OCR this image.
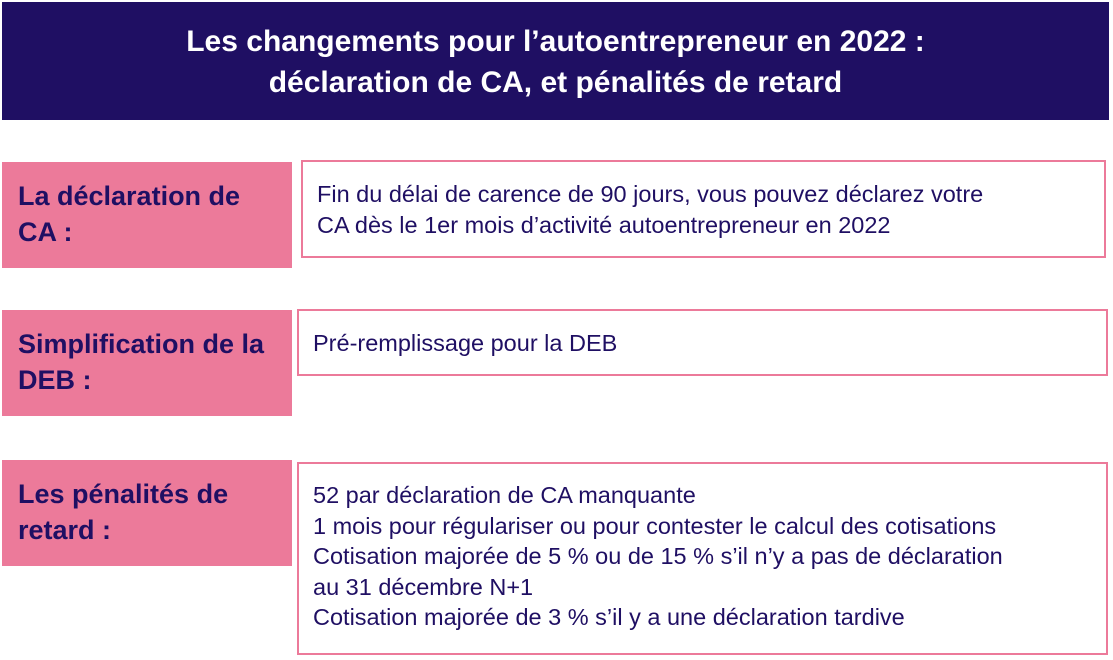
Les changements pour l’autoentrepreneur en 2022 :
déclaration de CA, et pénalités de retard
La déclaration de CA :
Fin du délai de carence de 90 jours, vous pouvez déclarez votre
CA dès le 1er mois d’activité autoentrepreneur en 2022
Simplification de la DEB :
Pré-remplissage pour la DEB
Les pénalités de retard :
52 par déclaration de CA manquante
1 mois pour régulariser ou pour contester le calcul des cotisations
Cotisation majorée de 5 % ou de 15 % s’il n’y a pas de déclaration
au 31 décembre N+1
Cotisation majorée de 3 % s’il y a une déclaration tardive
